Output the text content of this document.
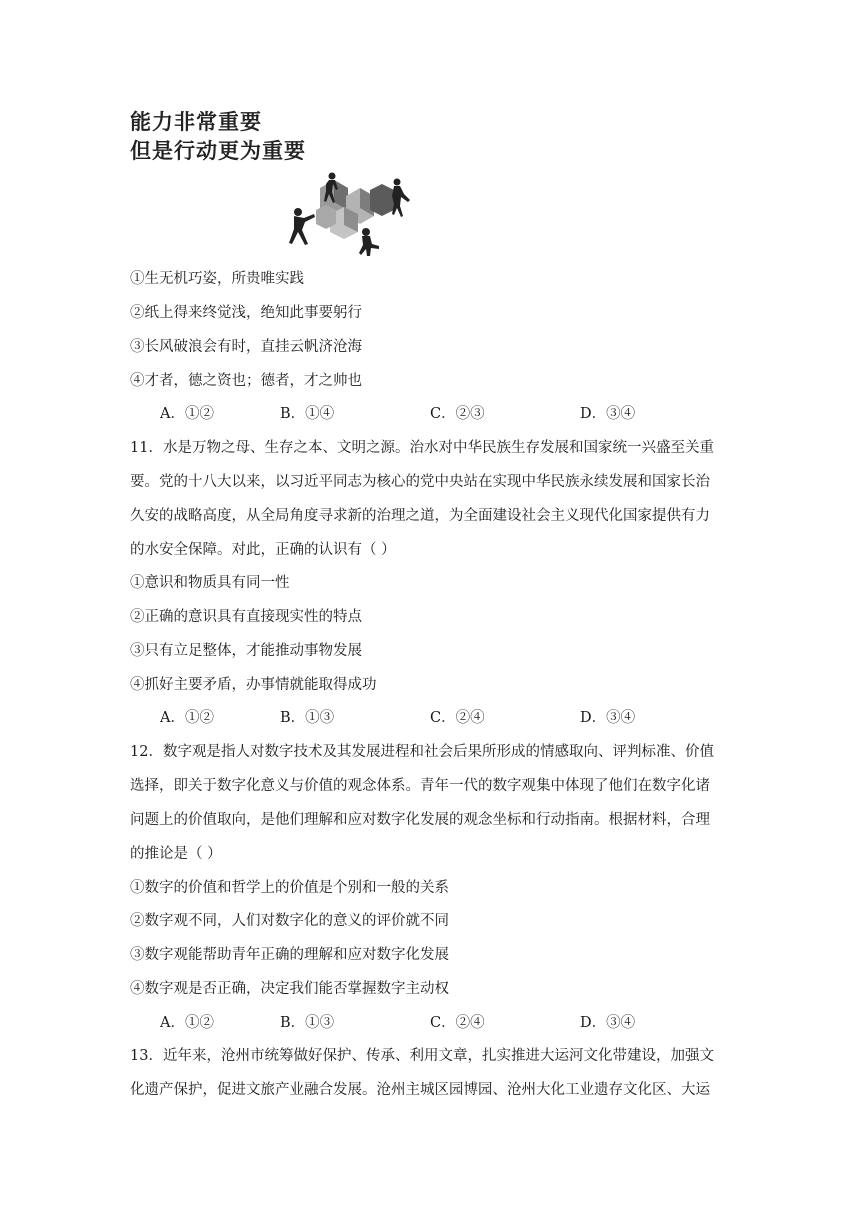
能力非常重要
但是行动更为重要
①生无机巧姿，所贵唯实践
②纸上得来终觉浅，绝知此事要躬行
③长风破浪会有时，直挂云帆济沧海
④才者，德之资也；德者，才之帅也
A．①②	B．①④	C．②③	D．③④
11．水是万物之母、生存之本、文明之源。治水对中华民族生存发展和国家统一兴盛至关重
要。党的十八大以来，以习近平同志为核心的党中央站在实现中华民族永续发展和国家长治
久安的战略高度，从全局角度寻求新的治理之道，为全面建设社会主义现代化国家提供有力
的水安全保障。对此，正确的认识有（ ）
①意识和物质具有同一性
②正确的意识具有直接现实性的特点
③只有立足整体，才能推动事物发展
④抓好主要矛盾，办事情就能取得成功
A．①②	B．①③	C．②④	D．③④
12．数字观是指人对数字技术及其发展进程和社会后果所形成的情感取向、评判标准、价值
选择，即关于数字化意义与价值的观念体系。青年一代的数字观集中体现了他们在数字化诸
问题上的价值取向，是他们理解和应对数字化发展的观念坐标和行动指南。根据材料，合理
的推论是（ ）
①数字的价值和哲学上的价值是个别和一般的关系
②数字观不同，人们对数字化的意义的评价就不同
③数字观能帮助青年正确的理解和应对数字化发展
④数字观是否正确，决定我们能否掌握数字主动权
A．①②	B．①③	C．②④	D．③④
13．近年来，沧州市统筹做好保护、传承、利用文章，扎实推进大运河文化带建设，加强文
化遗产保护，促进文旅产业融合发展。沧州主城区园博园、沧州大化工业遗存文化区、大运
